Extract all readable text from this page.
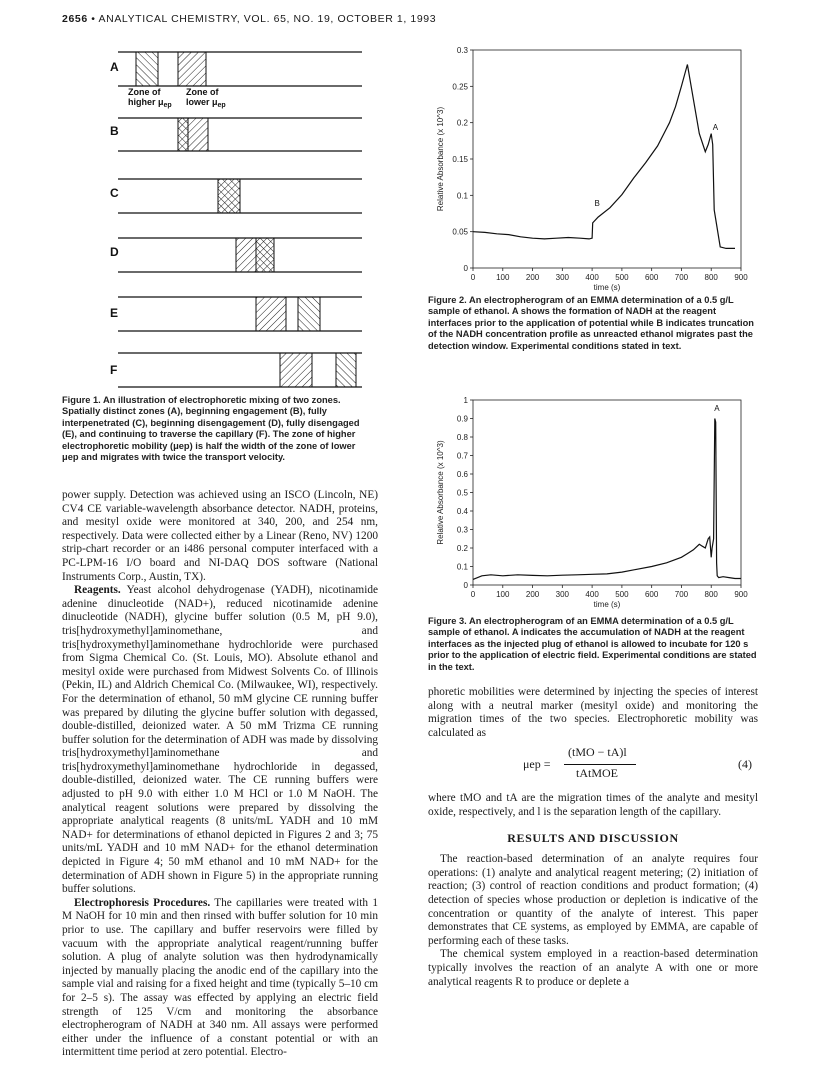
2656 • ANALYTICAL CHEMISTRY, VOL. 65, NO. 19, OCTOBER 1, 1993
A
B
C
D
E
F
Zone of
higher $\mu_{ep}$
Zone of
lower $\mu_{ep}$
Figure 1. An illustration of electrophoretic mixing of two zones. Spatially distinct zones (A), beginning engagement (B), fully interpenetrated (C), beginning disengagement (D), fully disengaged (E), and continuing to traverse the capillary (F). The zone of higher electrophoretic mobility (μep) is half the width of the zone of lower μep and migrates with twice the transport velocity.
0	100 200 300 400 500 600 700 800 900
0
0.05
0.1
0.15
0.2
0.25
0.3
time (s)
Relative Absorbance (x 10^3)	A
B
Figure 2. An electropherogram of an EMMA determination of a 0.5 g/L sample of ethanol. A shows the formation of NADH at the reagent interfaces prior to the application of potential while B indicates truncation of the NADH concentration profile as unreacted ethanol migrates past the detection window. Experimental conditions stated in text.
0	100 200 300 400 500 600 700 800 900
0
0.1
0.2
0.3
0.4
0.5
0.6
0.7
0.8
0.9
1
time (s)
Relative Absorbance (x 10^3)
A
Figure 3. An electropherogram of an EMMA determination of a 0.5 g/L sample of ethanol. A indicates the accumulation of NADH at the reagent interfaces as the injected plug of ethanol is allowed to incubate for 120 s prior to the application of electric field. Experimental conditions are stated in the text.

power supply. Detection was achieved using an ISCO (Lincoln, NE) CV4 CE variable-wavelength absorbance detector. NADH, proteins, and mesityl oxide were monitored at 340, 200, and 254 nm, respectively. Data were collected either by a Linear (Reno, NV) 1200 strip-chart recorder or an i486 personal computer interfaced with a PC-LPM-16 I/O board and NI-DAQ DOS software (National Instruments Corp., Austin, TX).

Reagents. Yeast alcohol dehydrogenase (YADH), nicotinamide adenine dinucleotide (NAD+), reduced nicotinamide adenine dinucleotide (NADH), glycine buffer solution (0.5 M, pH 9.0), tris[hydroxymethyl]aminomethane, and tris[hydroxymethyl]aminomethane hydrochloride were purchased from Sigma Chemical Co. (St. Louis, MO). Absolute ethanol and mesityl oxide were purchased from Midwest Solvents Co. of Illinois (Pekin, IL) and Aldrich Chemical Co. (Milwaukee, WI), respectively. For the determination of ethanol, 50 mM glycine CE running buffer was prepared by diluting the glycine buffer solution with degassed, double-distilled, deionized water. A 50 mM Trizma CE running buffer solution for the determination of ADH was made by dissolving tris[hydroxymethyl]aminomethane and tris[hydroxymethyl]aminomethane hydrochloride in degassed, double-distilled, deionized water. The CE running buffers were adjusted to pH 9.0 with either 1.0 M HCl or 1.0 M NaOH. The analytical reagent solutions were prepared by dissolving the appropriate analytical reagents (8 units/mL YADH and 10 mM NAD+ for determinations of ethanol depicted in Figures 2 and 3; 75 units/mL YADH and 10 mM NAD+ for the ethanol determination depicted in Figure 4; 50 mM ethanol and 10 mM NAD+ for the determination of ADH shown in Figure 5) in the appropriate running buffer solutions.

Electrophoresis Procedures. The capillaries were treated with 1 M NaOH for 10 min and then rinsed with buffer solution for 10 min prior to use. The capillary and buffer reservoirs were filled by vacuum with the appropriate analytical reagent/running buffer solution. A plug of analyte solution was then hydrodynamically injected by manually placing the anodic end of the capillary into the sample vial and raising for a fixed height and time (typically 5–10 cm for 2–5 s). The assay was effected by applying an electric field strength of 125 V/cm and monitoring the absorbance electropherogram of NADH at 340 nm. All assays were performed either under the influence of a constant potential or with an intermittent time period at zero potential. Electro-

phoretic mobilities were determined by injecting the species of interest along with a neutral marker (mesityl oxide) and monitoring the migration times of the two species. Electrophoretic mobility was calculated as

μep =
(tMO − tA)l
tAtMOE
(4)

where tMO and tA are the migration times of the analyte and mesityl oxide, respectively, and l is the separation length of the capillary.

RESULTS AND DISCUSSION

The reaction-based determination of an analyte requires four operations: (1) analyte and analytical reagent metering; (2) initiation of reaction; (3) control of reaction conditions and product formation; (4) detection of species whose production or depletion is indicative of the concentration or quantity of the analyte of interest. This paper demonstrates that CE systems, as employed by EMMA, are capable of performing each of these tasks.

The chemical system employed in a reaction-based determination typically involves the reaction of an analyte A with one or more analytical reagents R to produce or deplete a
